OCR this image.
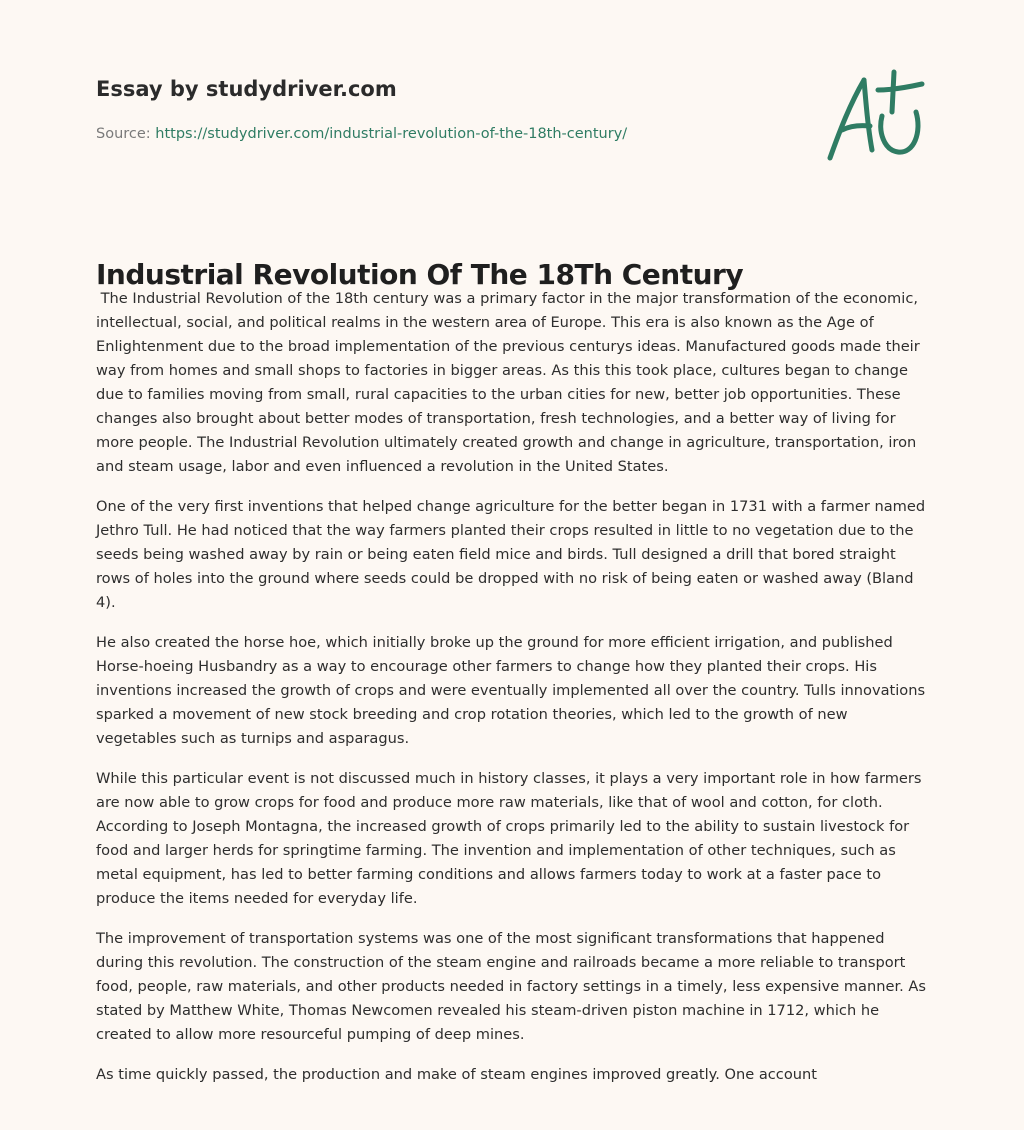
Essay by studydriver.com
Source: https://studydriver.com/industrial-revolution-of-the-18th-century/
Industrial Revolution Of The 18Th Century

The Industrial Revolution of the 18th century was a primary factor in the major transformation of the economic, intellectual, social, and political realms in the western area of Europe. This era is also known as the Age of Enlightenment due to the broad implementation of the previous centurys ideas. Manufactured goods made their way from homes and small shops to factories in bigger areas. As this this took place, cultures began to change due to families moving from small, rural capacities to the urban cities for new, better job opportunities. These changes also brought about better modes of transportation, fresh technologies, and a better way of living for more people. The Industrial Revolution ultimately created growth and change in agriculture, transportation, iron and steam usage, labor and even influenced a revolution in the United States.

One of the very first inventions that helped change agriculture for the better began in 1731 with a farmer named Jethro Tull. He had noticed that the way farmers planted their crops resulted in little to no vegetation due to the seeds being washed away by rain or being eaten field mice and birds. Tull designed a drill that bored straight rows of holes into the ground where seeds could be dropped with no risk of being eaten or washed away (Bland 4).

He also created the horse hoe, which initially broke up the ground for more efficient irrigation, and published Horse-hoeing Husbandry as a way to encourage other farmers to change how they planted their crops. His inventions increased the growth of crops and were eventually implemented all over the country. Tulls innovations sparked a movement of new stock breeding and crop rotation theories, which led to the growth of new vegetables such as turnips and asparagus.

While this particular event is not discussed much in history classes, it plays a very important role in how farmers are now able to grow crops for food and produce more raw materials, like that of wool and cotton, for cloth. According to Joseph Montagna, the increased growth of crops primarily led to the ability to sustain livestock for food and larger herds for springtime farming. The invention and implementation of other techniques, such as metal equipment, has led to better farming conditions and allows farmers today to work at a faster pace to produce the items needed for everyday life.

The improvement of transportation systems was one of the most significant transformations that happened during this revolution. The construction of the steam engine and railroads became a more reliable to transport food, people, raw materials, and other products needed in factory settings in a timely, less expensive manner. As stated by Matthew White, Thomas Newcomen revealed his steam-driven piston machine in 1712, which he created to allow more resourceful pumping of deep mines.

As time quickly passed, the production and make of steam engines improved greatly. One account
